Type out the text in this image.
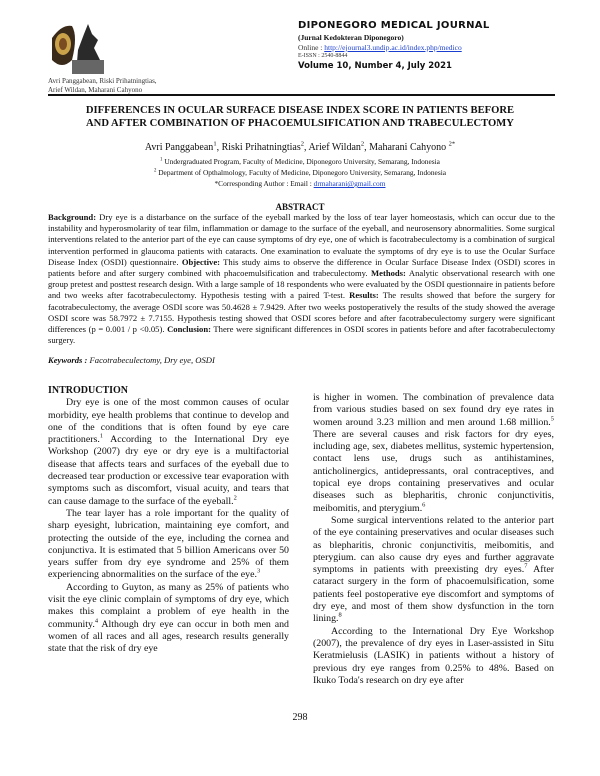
Avri Panggabean, Riski Prihatningtias,
Arief Wildan, Maharani Cahyono
DIPONEGORO MEDICAL JOURNAL
(Jurnal Kedokteran Diponegoro)
Online : http://ejournal3.undip.ac.id/index.php/medico
E-ISSN : 2540-8844
Volume 10, Number 4, July 2021
DIFFERENCES IN OCULAR SURFACE DISEASE INDEX SCORE IN PATIENTS BEFORE
AND AFTER COMBINATION OF PHACOEMULSIFICATION AND TRABECULECTOMY
Avri Panggabean$^1$, Riski Prihatningtias$^2$, Arief Wildan$^2$, Maharani Cahyono $^{2*}$
$^1$ Undergraduated Program, Faculty of Medicine, Diponegoro University, Semarang, Indonesia
$^2$ Department of Opthalmology, Faculty of Medicine, Diponegoro University, Semarang, Indonesia
*Corresponding Author : Email : drmaharani@gmail.com
ABSTRACT
Background: Dry eye is a distarbance on the surface of the eyeball marked by the loss of tear layer homeostasis, which can occur due to the instability and hyperosmolarity of tear film, inflammation or damage to the surface of the eyeball, and neurosensory abnormalities. Some surgical interventions related to the anterior part of the eye can cause symptoms of dry eye, one of which is facotrabeculectomy is a combination of surgical intervention performed in glaucoma patients with cataracts. One examination to evaluate the symptoms of dry eye is to use the Ocular Surface Disease Index (OSDI) questionnaire. Objective: This study aims to observe the difference in Ocular Surface Disease Index (OSDI) scores in patients before and after surgery combined with phacoemulsification and trabeculectomy. Methods: Analytic observational research with one group pretest and posttest research design. With a large sample of 18 respondents who were evaluated by the OSDI questionnaire in patients before and two weeks after facotrabeculectomy. Hypothesis testing with a paired T-test. Results: The results showed that before the surgery for facotrabeculectomy, the average OSDI score was 50.4628 ± 7.9429. After two weeks postoperatively the results of the study showed the average OSDI score was 58.7972 ± 7.7155. Hypothesis testing showed that OSDI scores before and after facotrabeculectomy surgery were significant differences (p = 0.001 / p <0.05). Conclusion: There were significant differences in OSDI scores in patients before and after facotrabeculectomy surgery.
Keywords : Facotrabeculectomy, Dry eye, OSDI
INTRODUCTION

Dry eye is one of the most common causes of ocular morbidity, eye health problems that continue to develop and one of the conditions that is often found by eye care practitioners.$^1$ According to the International Dry eye Workshop (2007) dry eye or dry eye is a multifactorial disease that affects tears and surfaces of the eyeball due to decreased tear production or excessive tear evaporation with symptoms such as discomfort, visual acuity, and tears that can cause damage to the surface of the eyeball.$^2$

The tear layer has a role important for the quality of sharp eyesight, lubrication, maintaining eye comfort, and protecting the outside of the eye, including the cornea and conjunctiva. It is estimated that 5 billion Americans over 50 years suffer from dry eye syndrome and 25% of them experiencing abnormalities on the surface of the eye.$^3$

According to Guyton, as many as 25% of patients who visit the eye clinic complain of symptoms of dry eye, which makes this complaint a problem of eye health in the community.$^4$ Although dry eye can occur in both men and women of all races and all ages, research results generally state that the risk of dry eye

is higher in women. The combination of prevalence data from various studies based on sex found dry eye rates in women around 3.23 million and men around 1.68 million.$^5$ There are several causes and risk factors for dry eyes, including age, sex, diabetes mellitus, systemic hypertension, contact lens use, drugs such as antihistamines, anticholinergics, antidepressants, oral contraceptives, and topical eye drops containing preservatives and ocular diseases such as blepharitis, chronic conjunctivitis, meibomitis, and pterygium.$^6$

Some surgical interventions related to the anterior part of the eye containing preservatives and ocular diseases such as blepharitis, chronic conjunctivitis, meibomitis, and pterygium. can also cause dry eyes and further aggravate symptoms in patients with preexisting dry eyes.$^7$ After cataract surgery in the form of phacoemulsification, some patients feel postoperative eye discomfort and symptoms of dry eye, and most of them show dysfunction in the torn lining.$^8$

According to the International Dry Eye Workshop (2007), the prevalence of dry eyes in Laser-assisted in Situ Keratmielusis (LASIK) in patients without a history of previous dry eye ranges from 0.25% to 48%. Based on Ikuko Toda's research on dry eye after

298
